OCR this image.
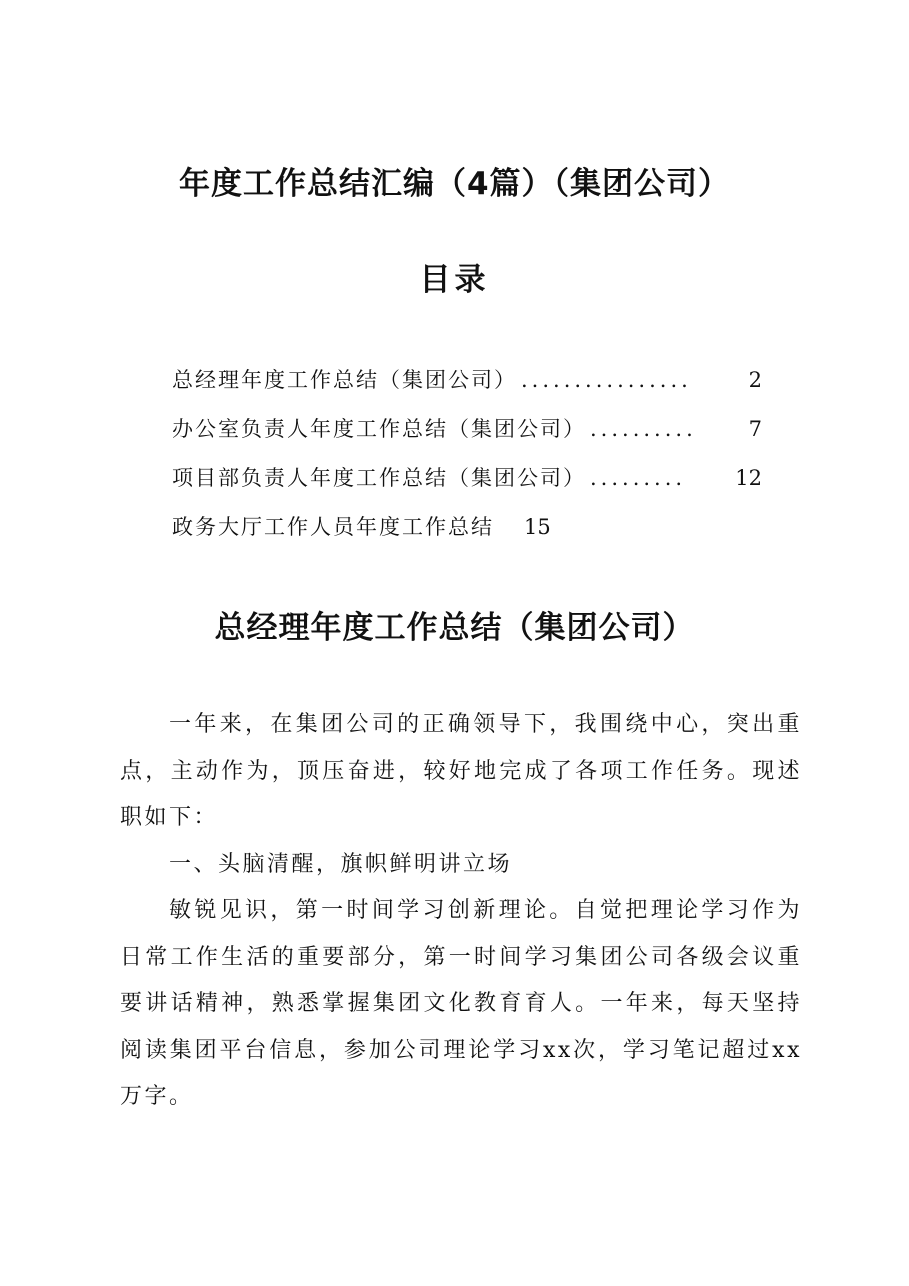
年度工作总结汇编（4篇）（集团公司）
目录
总经理年度工作总结（集团公司） ................	2
办公室负责人年度工作总结（集团公司） ..........	7
项目部负责人年度工作总结（集团公司） .........	12
政务大厅工作人员年度工作总结	15
总经理年度工作总结（集团公司）

一年来，在集团公司的正确领导下，我围绕中心，突出重点，主动作为，顶压奋进，较好地完成了各项工作任务。现述职如下：

一、头脑清醒，旗帜鲜明讲立场

敏锐见识，第一时间学习创新理论。自觉把理论学习作为日常工作生活的重要部分，第一时间学习集团公司各级会议重要讲话精神，熟悉掌握集团文化教育育人。一年来，每天坚持阅读集团平台信息，参加公司理论学习xx次，学习笔记超过xx万字。
